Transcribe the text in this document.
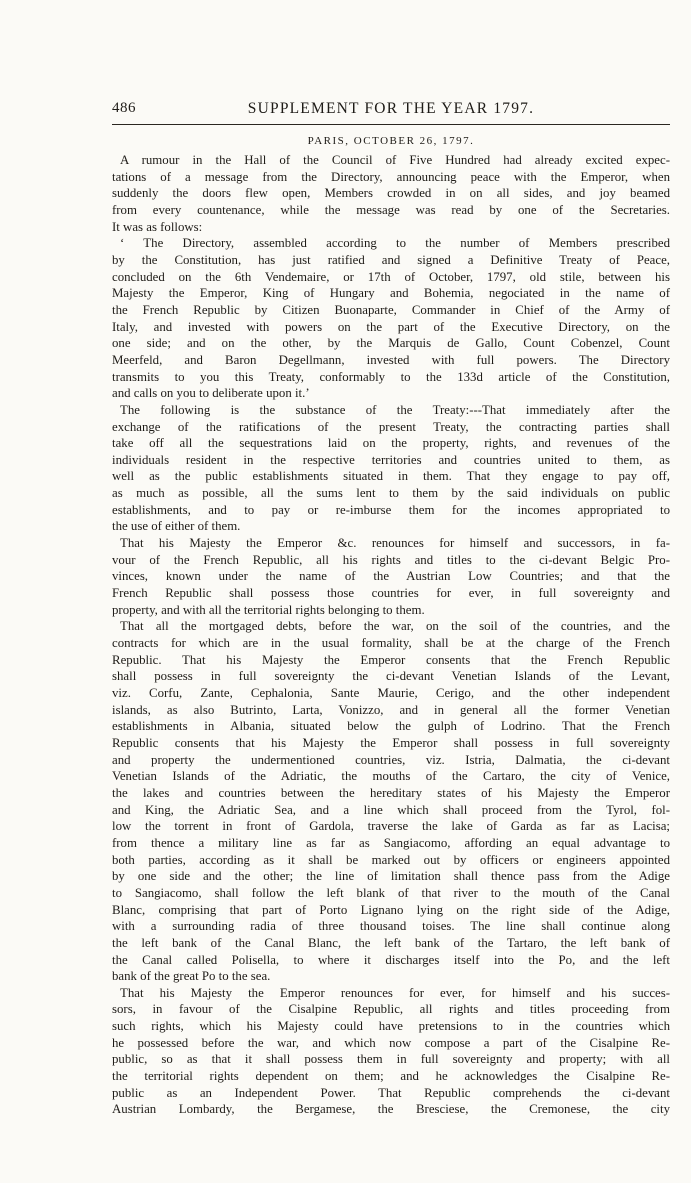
486	SUPPLEMENT FOR THE YEAR 1797.
PARIS, OCTOBER 26, 1797.
A rumour in the Hall of the Council of Five Hundred had already excited expec-
tations of a message from the Directory, announcing peace with the Emperor, when
suddenly the doors flew open, Members crowded in on all sides, and joy beamed
from every countenance, while the message was read by one of the Secretaries.
It was as follows:
‘ The Directory, assembled according to the number of Members prescribed
by the Constitution, has just ratified and signed a Definitive Treaty of Peace,
concluded on the 6th Vendemaire, or 17th of October, 1797, old stile, between his
Majesty the Emperor, King of Hungary and Bohemia, negociated in the name of
the French Republic by Citizen Buonaparte, Commander in Chief of the Army of
Italy, and invested with powers on the part of the Executive Directory, on the
one side; and on the other, by the Marquis de Gallo, Count Cobenzel, Count
Meerfeld, and Baron Degellmann, invested with full powers. The Directory
transmits to you this Treaty, conformably to the 133d article of the Constitution,
and calls on you to deliberate upon it.’
The following is the substance of the Treaty:---That immediately after the
exchange of the ratifications of the present Treaty, the contracting parties shall
take off all the sequestrations laid on the property, rights, and revenues of the
individuals resident in the respective territories and countries united to them, as
well as the public establishments situated in them. That they engage to pay off,
as much as possible, all the sums lent to them by the said individuals on public
establishments, and to pay or re-imburse them for the incomes appropriated to
the use of either of them.
That his Majesty the Emperor &c. renounces for himself and successors, in fa-
vour of the French Republic, all his rights and titles to the ci-devant Belgic Pro-
vinces, known under the name of the Austrian Low Countries; and that the
French Republic shall possess those countries for ever, in full sovereignty and
property, and with all the territorial rights belonging to them.
That all the mortgaged debts, before the war, on the soil of the countries, and the
contracts for which are in the usual formality, shall be at the charge of the French
Republic. That his Majesty the Emperor consents that the French Republic
shall possess in full sovereignty the ci-devant Venetian Islands of the Levant,
viz. Corfu, Zante, Cephalonia, Sante Maurie, Cerigo, and the other independent
islands, as also Butrinto, Larta, Vonizzo, and in general all the former Venetian
establishments in Albania, situated below the gulph of Lodrino. That the French
Republic consents that his Majesty the Emperor shall possess in full sovereignty
and property the undermentioned countries, viz. Istria, Dalmatia, the ci-devant
Venetian Islands of the Adriatic, the mouths of the Cartaro, the city of Venice,
the lakes and countries between the hereditary states of his Majesty the Emperor
and King, the Adriatic Sea, and a line which shall proceed from the Tyrol, fol-
low the torrent in front of Gardola, traverse the lake of Garda as far as Lacisa;
from thence a military line as far as Sangiacomo, affording an equal advantage to
both parties, according as it shall be marked out by officers or engineers appointed
by one side and the other; the line of limitation shall thence pass from the Adige
to Sangiacomo, shall follow the left blank of that river to the mouth of the Canal
Blanc, comprising that part of Porto Lignano lying on the right side of the Adige,
with a surrounding radia of three thousand toises. The line shall continue along
the left bank of the Canal Blanc, the left bank of the Tartaro, the left bank of
the Canal called Polisella, to where it discharges itself into the Po, and the left
bank of the great Po to the sea.
That his Majesty the Emperor renounces for ever, for himself and his succes-
sors, in favour of the Cisalpine Republic, all rights and titles proceeding from
such rights, which his Majesty could have pretensions to in the countries which
he possessed before the war, and which now compose a part of the Cisalpine Re-
public, so as that it shall possess them in full sovereignty and property; with all
the territorial rights dependent on them; and he acknowledges the Cisalpine Re-
public as an Independent Power. That Republic comprehends the ci-devant
Austrian Lombardy, the Bergamese, the Bresciese, the Cremonese, the city
